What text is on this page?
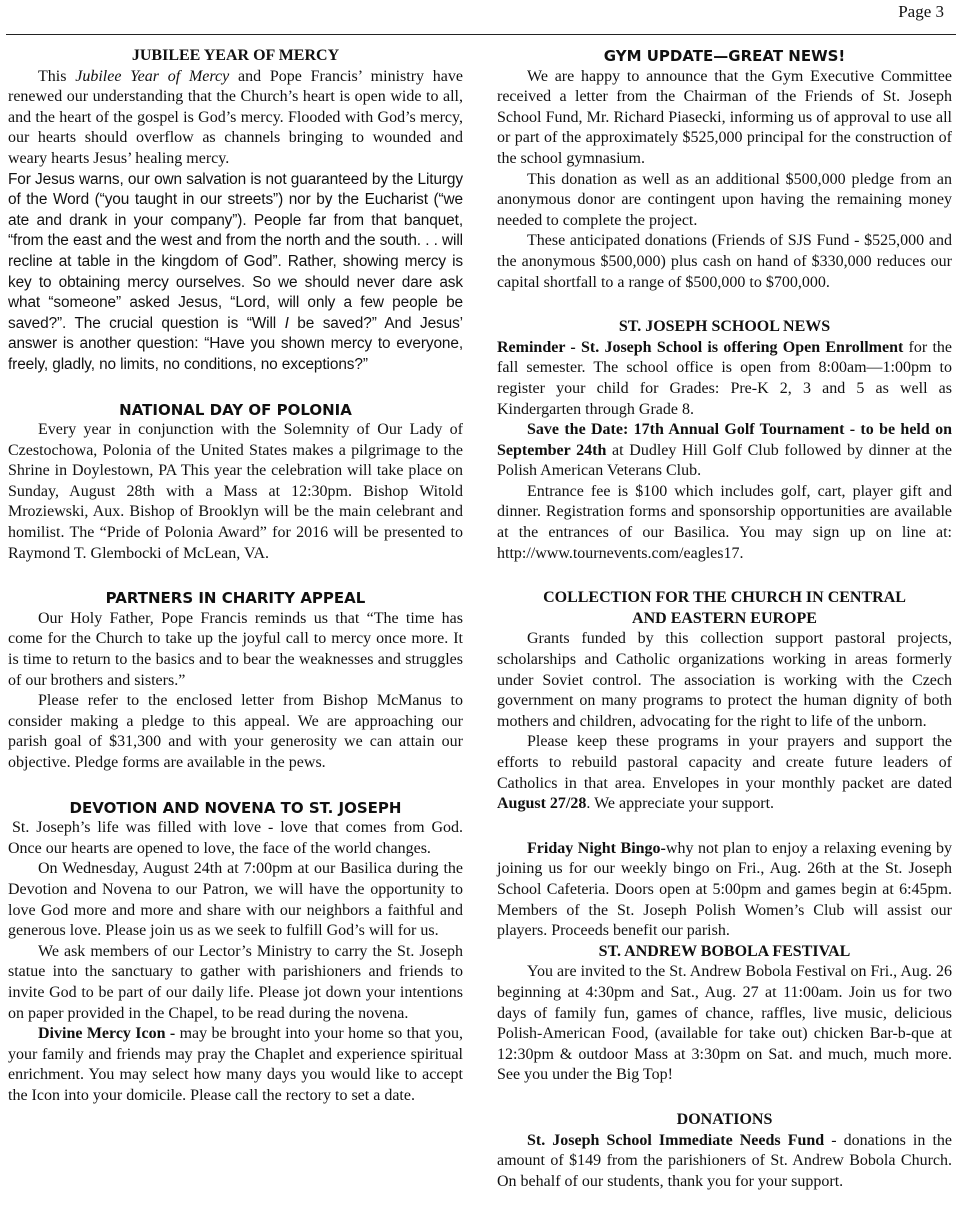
Page 3
JUBILEE YEAR OF MERCY

This Jubilee Year of Mercy and Pope Francis’ ministry have renewed our understanding that the Church’s heart is open wide to all, and the heart of the gospel is God’s mercy. Flooded with God’s mercy, our hearts should overflow as channels bringing to wounded and weary hearts Jesus’ healing mercy.

For Jesus warns, our own salvation is not guaranteed by the Liturgy of the Word (“you taught in our streets”) nor by the Eucharist (“we ate and drank in your company”). People far from that banquet, “from the east and the west and from the north and the south. . . will recline at table in the kingdom of God”. Rather, showing mercy is key to obtaining mercy ourselves. So we should never dare ask what “someone” asked Jesus, “Lord, will only a few people be saved?”. The crucial question is “Will I be saved?” And Jesus’ answer is another question: “Have you shown mercy to everyone, freely, gladly, no limits, no conditions, no exceptions?”

NATIONAL DAY OF POLONIA

Every year in conjunction with the Solemnity of Our Lady of Czestochowa, Polonia of the United States makes a pilgrimage to the Shrine in Doylestown, PA This year the celebration will take place on Sunday, August 28th with a Mass at 12:30pm. Bishop Witold Mroziewski, Aux. Bishop of Brooklyn will be the main celebrant and homilist. The “Pride of Polonia Award” for 2016 will be presented to Raymond T. Glembocki of McLean, VA.

PARTNERS IN CHARITY APPEAL

Our Holy Father, Pope Francis reminds us that “The time has come for the Church to take up the joyful call to mercy once more. It is time to return to the basics and to bear the weaknesses and struggles of our brothers and sisters.”

Please refer to the enclosed letter from Bishop McManus to consider making a pledge to this appeal. We are approaching our parish goal of $31,300 and with your generosity we can attain our objective. Pledge forms are available in the pews.

DEVOTION AND NOVENA TO ST. JOSEPH

St. Joseph’s life was filled with love - love that comes from God. Once our hearts are opened to love, the face of the world changes.

On Wednesday, August 24th at 7:00pm at our Basilica during the Devotion and Novena to our Patron, we will have the opportunity to love God more and more and share with our neighbors a faithful and generous love. Please join us as we seek to fulfill God’s will for us.

We ask members of our Lector’s Ministry to carry the St. Joseph statue into the sanctuary to gather with parishioners and friends to invite God to be part of our daily life. Please jot down your intentions on paper provided in the Chapel, to be read during the novena.

Divine Mercy Icon - may be brought into your home so that you, your family and friends may pray the Chaplet and experience spiritual enrichment. You may select how many days you would like to accept the Icon into your domicile. Please call the rectory to set a date.

GYM UPDATE—GREAT NEWS!

We are happy to announce that the Gym Executive Committee received a letter from the Chairman of the Friends of St. Joseph School Fund, Mr. Richard Piasecki, informing us of approval to use all or part of the approximately $525,000 principal for the construction of the school gymnasium.

This donation as well as an additional $500,000 pledge from an anonymous donor are contingent upon having the remaining money needed to complete the project.

These anticipated donations (Friends of SJS Fund - $525,000 and the anonymous $500,000) plus cash on hand of $330,000 reduces our capital shortfall to a range of $500,000 to $700,000.

ST. JOSEPH SCHOOL NEWS

Reminder - St. Joseph School is offering Open Enrollment for the fall semester. The school office is open from 8:00am—1:00pm to register your child for Grades: Pre-K 2, 3 and 5 as well as Kindergarten through Grade 8.

Save the Date: 17th Annual Golf Tournament - to be held on September 24th at Dudley Hill Golf Club followed by dinner at the Polish American Veterans Club.

Entrance fee is $100 which includes golf, cart, player gift and dinner. Registration forms and sponsorship opportunities are available at the entrances of our Basilica. You may sign up on line at: http://www.tournevents.com/eagles17.

COLLECTION FOR THE CHURCH IN CENTRAL
AND EASTERN EUROPE

Grants funded by this collection support pastoral projects, scholarships and Catholic organizations working in areas formerly under Soviet control. The association is working with the Czech government on many programs to protect the human dignity of both mothers and children, advocating for the right to life of the unborn.

Please keep these programs in your prayers and support the efforts to rebuild pastoral capacity and create future leaders of Catholics in that area. Envelopes in your monthly packet are dated August 27/28. We appreciate your support.

Friday Night Bingo-why not plan to enjoy a relaxing evening by joining us for our weekly bingo on Fri., Aug. 26th at the St. Joseph School Cafeteria. Doors open at 5:00pm and games begin at 6:45pm. Members of the St. Joseph Polish Women’s Club will assist our players. Proceeds benefit our parish.

ST. ANDREW BOBOLA FESTIVAL

You are invited to the St. Andrew Bobola Festival on Fri., Aug. 26 beginning at 4:30pm and Sat., Aug. 27 at 11:00am. Join us for two days of family fun, games of chance, raffles, live music, delicious Polish-American Food, (available for take out) chicken Bar-b-que at 12:30pm & outdoor Mass at 3:30pm on Sat. and much, much more. See you under the Big Top!

DONATIONS

St. Joseph School Immediate Needs Fund - donations in the amount of $149 from the parishioners of St. Andrew Bobola Church. On behalf of our students, thank you for your support.
